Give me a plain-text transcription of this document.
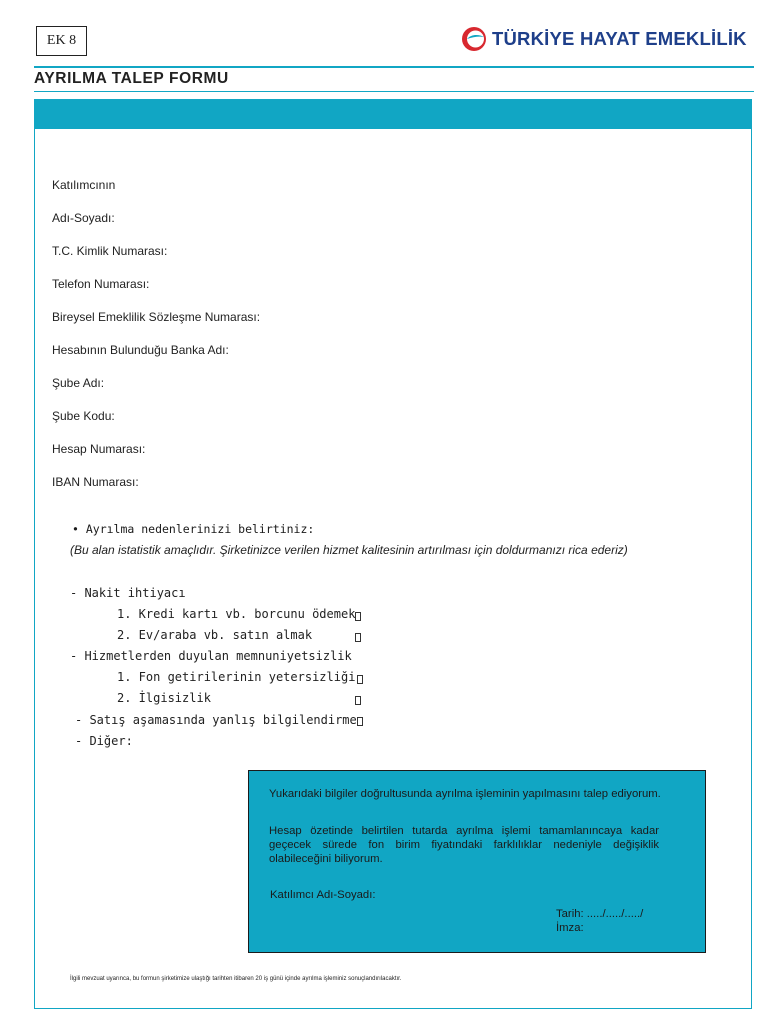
EK 8	TÜRKİYE HAYAT EMEKLİLİK
AYRILMA TALEP FORMU
Katılımcının
Adı-Soyadı:
T.C. Kimlik Numarası:
Telefon Numarası:
Bireysel Emeklilik Sözleşme Numarası:
Hesabının Bulunduğu Banka Adı:
Şube Adı:
Şube Kodu:
Hesap Numarası:
IBAN Numarası:
• Ayrılma nedenlerinizi belirtiniz:
(Bu alan istatistik amaçlıdır. Şirketinizce verilen hizmet kalitesinin artırılması için doldurmanızı rica ederiz)
- Nakit ihtiyacı
1. Kredi kartı vb. borcunu ödemek
2. Ev/araba vb. satın almak
- Hizmetlerden duyulan memnuniyetsizlik
1. Fon getirilerinin yetersizliği
2. İlgisizlik
- Satış aşamasında yanlış bilgilendirme
- Diğer:

Yukarıdaki bilgiler doğrultusunda ayrılma işleminin yapılmasını talep ediyorum.

Hesap özetinde belirtilen tutarda ayrılma işlemi tamamlanıncaya kadar geçecek sürede fon birim fiyatındaki farklılıklar nedeniyle değişiklik olabileceğini biliyorum.

Katılımcı Adı-Soyadı:

Tarih: ...../...../...../

İmza:

İlgili mevzuat uyarınca, bu formun şirketimize ulaştığı tarihten itibaren 20 iş günü içinde ayrılma işleminiz sonuçlandırılacaktır.
